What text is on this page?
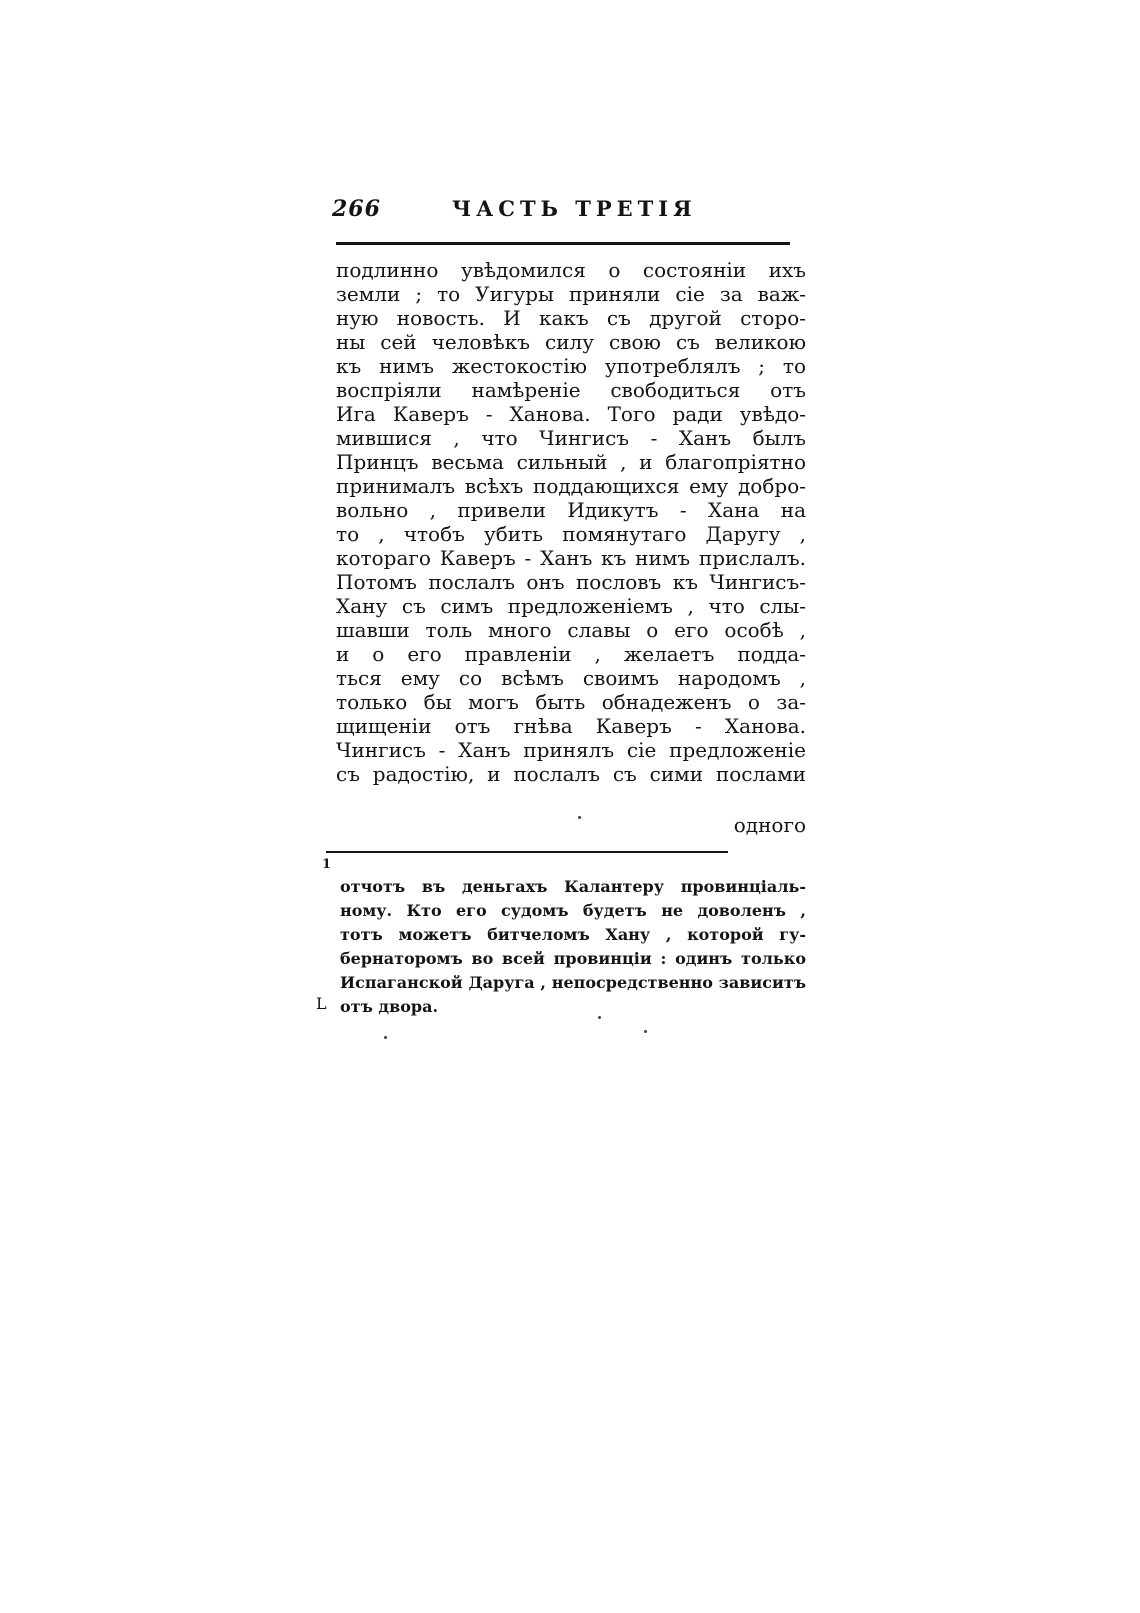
266	ЧАСТЬ ТРЕТІЯ
подлинно увѣдомился о состояніи ихъ
земли ; то Уигуры приняли сіе за важ-
ную новость. И какъ съ другой сторо-
ны сей человѣкъ силу свою съ великою
къ нимъ жестокостію употреблялъ ; то
воспріяли намѣреніе свободиться отъ
Ига Каверъ - Ханова. Того ради увѣдо-
мившися , что Чингисъ - Ханъ былъ
Принцъ весьма сильный , и благопріятно
принималъ всѣхъ поддающихся ему добро-
вольно , привели Идикутъ - Хана на
то , чтобъ убить помянутаго Даругу ,
котораго Каверъ - Ханъ къ нимъ прислалъ.
Потомъ послалъ онъ пословъ къ Чингисъ-
Хану съ симъ предложеніемъ , что слы-
шавши толь много славы о его особѣ ,
и о его правленіи , желаетъ подда-
ться ему со всѣмъ своимъ народомъ ,
только бы могъ быть обнадеженъ о за-
щищеніи отъ гнѣва Каверъ - Ханова.
Чингисъ - Ханъ принялъ сіе предложеніе
съ радостію, и послалъ съ сими послами
одного
1
отчотъ въ деньгахъ Калантеру провинціаль-
ному. Кто его судомъ будетъ не доволенъ ,
тотъ можетъ битчеломъ Хану , которой гу-
бернаторомъ во всей провинціи : одинъ только
Испаганской Даруга , непосредственно зависитъ
отъ двора.
L
